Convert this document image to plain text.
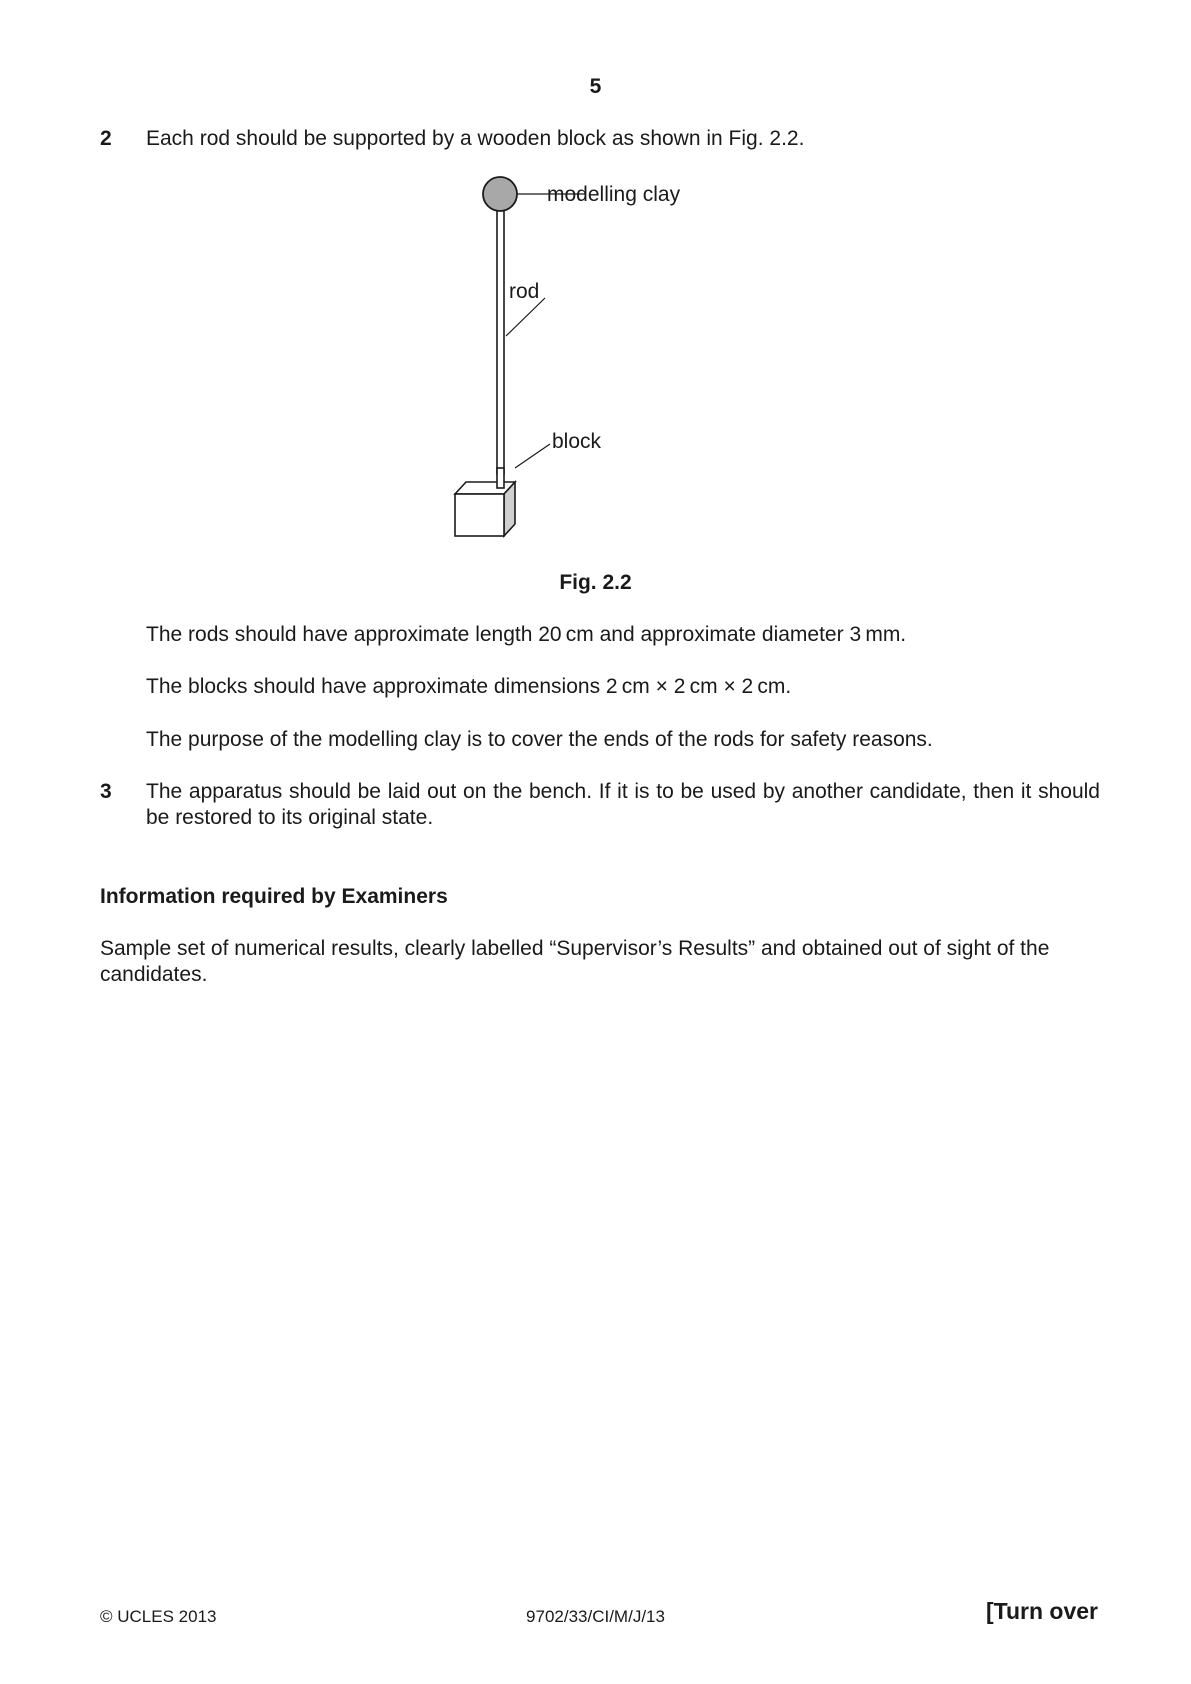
5
2 Each rod should be supported by a wooden block as shown in Fig. 2.2.
modelling clay
rod
block
Fig. 2.2
The rods should have approximate length 20 cm and approximate diameter 3 mm.
The blocks should have approximate dimensions 2 cm × 2 cm × 2 cm.
The purpose of the modelling clay is to cover the ends of the rods for safety reasons.
3 The apparatus should be laid out on the bench. If it is to be used by another candidate, then it should be restored to its original state.
Information required by Examiners
Sample set of numerical results, clearly labelled “Supervisor’s Results” and obtained out of sight of the candidates.
© UCLES 2013	9702/33/CI/M/J/13	[Turn over
